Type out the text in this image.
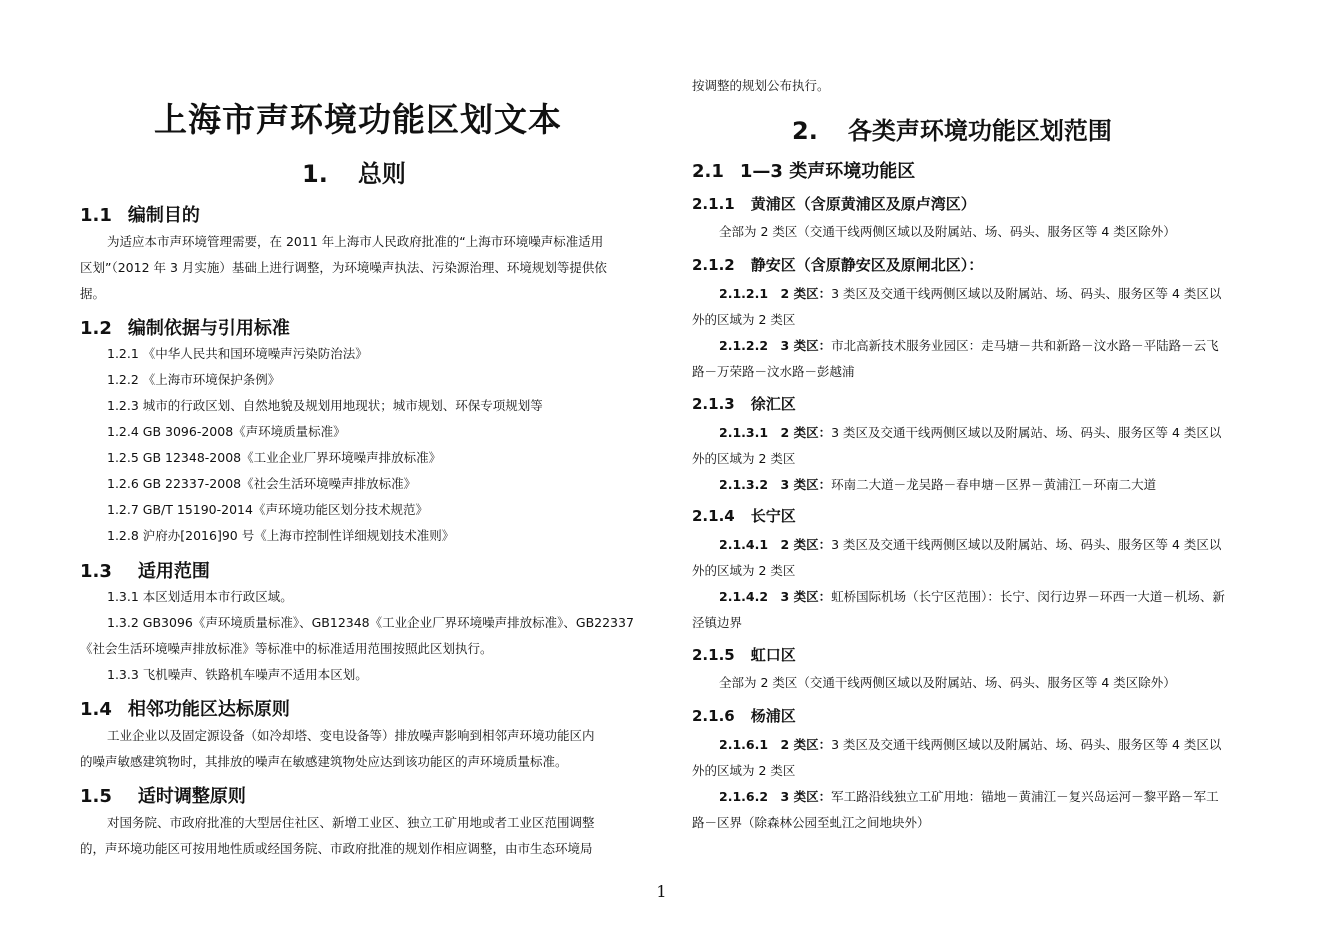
上海市声环境功能区划文本
1. 总则
1.1 编制目的
为适应本市声环境管理需要，在 2011 年上海市人民政府批准的“上海市环境噪声标准适用
区划”（2012 年 3 月实施）基础上进行调整，为环境噪声执法、污染源治理、环境规划等提供依
据。
1.2 编制依据与引用标准
1.2.1 《中华人民共和国环境噪声污染防治法》
1.2.2 《上海市环境保护条例》
1.2.3 城市的行政区划、自然地貌及规划用地现状；城市规划、环保专项规划等
1.2.4 GB 3096-2008《声环境质量标准》
1.2.5 GB 12348-2008《工业企业厂界环境噪声排放标准》
1.2.6 GB 22337-2008《社会生活环境噪声排放标准》
1.2.7 GB/T 15190-2014《声环境功能区划分技术规范》
1.2.8 沪府办[2016]90 号《上海市控制性详细规划技术准则》
1.3 适用范围
1.3.1 本区划适用本市行政区域。
1.3.2 GB3096《声环境质量标准》、GB12348《工业企业厂界环境噪声排放标准》、GB22337
《社会生活环境噪声排放标准》等标准中的标准适用范围按照此区划执行。
1.3.3 飞机噪声、铁路机车噪声不适用本区划。
1.4 相邻功能区达标原则
工业企业以及固定源设备（如冷却塔、变电设备等）排放噪声影响到相邻声环境功能区内
的噪声敏感建筑物时，其排放的噪声在敏感建筑物处应达到该功能区的声环境质量标准。
1.5 适时调整原则
对国务院、市政府批准的大型居住社区、新增工业区、独立工矿用地或者工业区范围调整
的，声环境功能区可按用地性质或经国务院、市政府批准的规划作相应调整，由市生态环境局
按调整的规划公布执行。
2. 各类声环境功能区划范围
2.1 1—3 类声环境功能区
2.1.1 黄浦区（含原黄浦区及原卢湾区）
全部为 2 类区（交通干线两侧区域以及附属站、场、码头、服务区等 4 类区除外）
2.1.2 静安区（含原静安区及原闸北区）：
2.1.2.1　2 类区：3 类区及交通干线两侧区域以及附属站、场、码头、服务区等 4 类区以
外的区域为 2 类区
2.1.2.2　3 类区：市北高新技术服务业园区：走马塘－共和新路－汶水路－平陆路－云飞
路－万荣路－汶水路－彭越浦
2.1.3 徐汇区
2.1.3.1　2 类区：3 类区及交通干线两侧区域以及附属站、场、码头、服务区等 4 类区以
外的区域为 2 类区
2.1.3.2　3 类区：环南二大道－龙吴路－春申塘－区界－黄浦江－环南二大道
2.1.4 长宁区
2.1.4.1　2 类区：3 类区及交通干线两侧区域以及附属站、场、码头、服务区等 4 类区以
外的区域为 2 类区
2.1.4.2　3 类区：虹桥国际机场（长宁区范围）：长宁、闵行边界－环西一大道－机场、新
泾镇边界
2.1.5 虹口区
全部为 2 类区（交通干线两侧区域以及附属站、场、码头、服务区等 4 类区除外）
2.1.6 杨浦区
2.1.6.1　2 类区：3 类区及交通干线两侧区域以及附属站、场、码头、服务区等 4 类区以
外的区域为 2 类区
2.1.6.2　3 类区：军工路沿线独立工矿用地：锚地－黄浦江－复兴岛运河－黎平路－军工
路－区界（除森林公园至虬江之间地块外）
1
